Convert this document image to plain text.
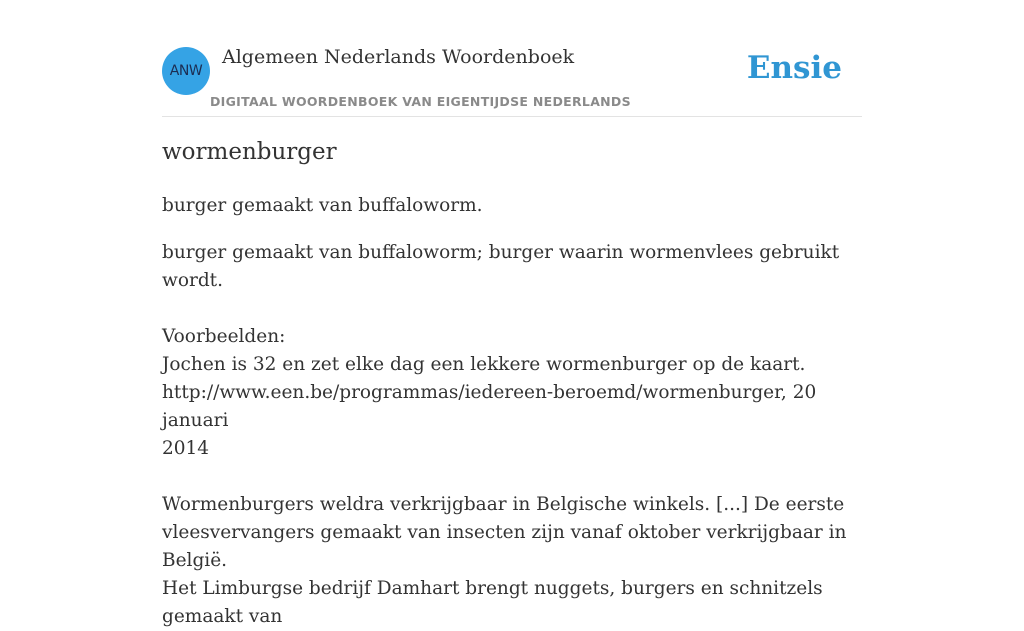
ANW
Algemeen Nederlands Woordenboek
DIGITAAL WOORDENBOEK VAN EIGENTIJDSE NEDERLANDS
Ensie
wormenburger

burger gemaakt van buffaloworm.

burger gemaakt van buffaloworm; burger waarin wormenvlees gebruikt wordt.
Voorbeelden:
Jochen is 32 en zet elke dag een lekkere wormenburger op de kaart.
http://www.een.be/programmas/iedereen-beroemd/wormenburger, 20 januari
2014
Wormenburgers weldra verkrijgbaar in Belgische winkels. [...] De eerste
vleesvervangers gemaakt van insecten zijn vanaf oktober verkrijgbaar in België.
Het Limburgse bedrijf Damhart brengt nuggets, burgers en schnitzels gemaakt van
